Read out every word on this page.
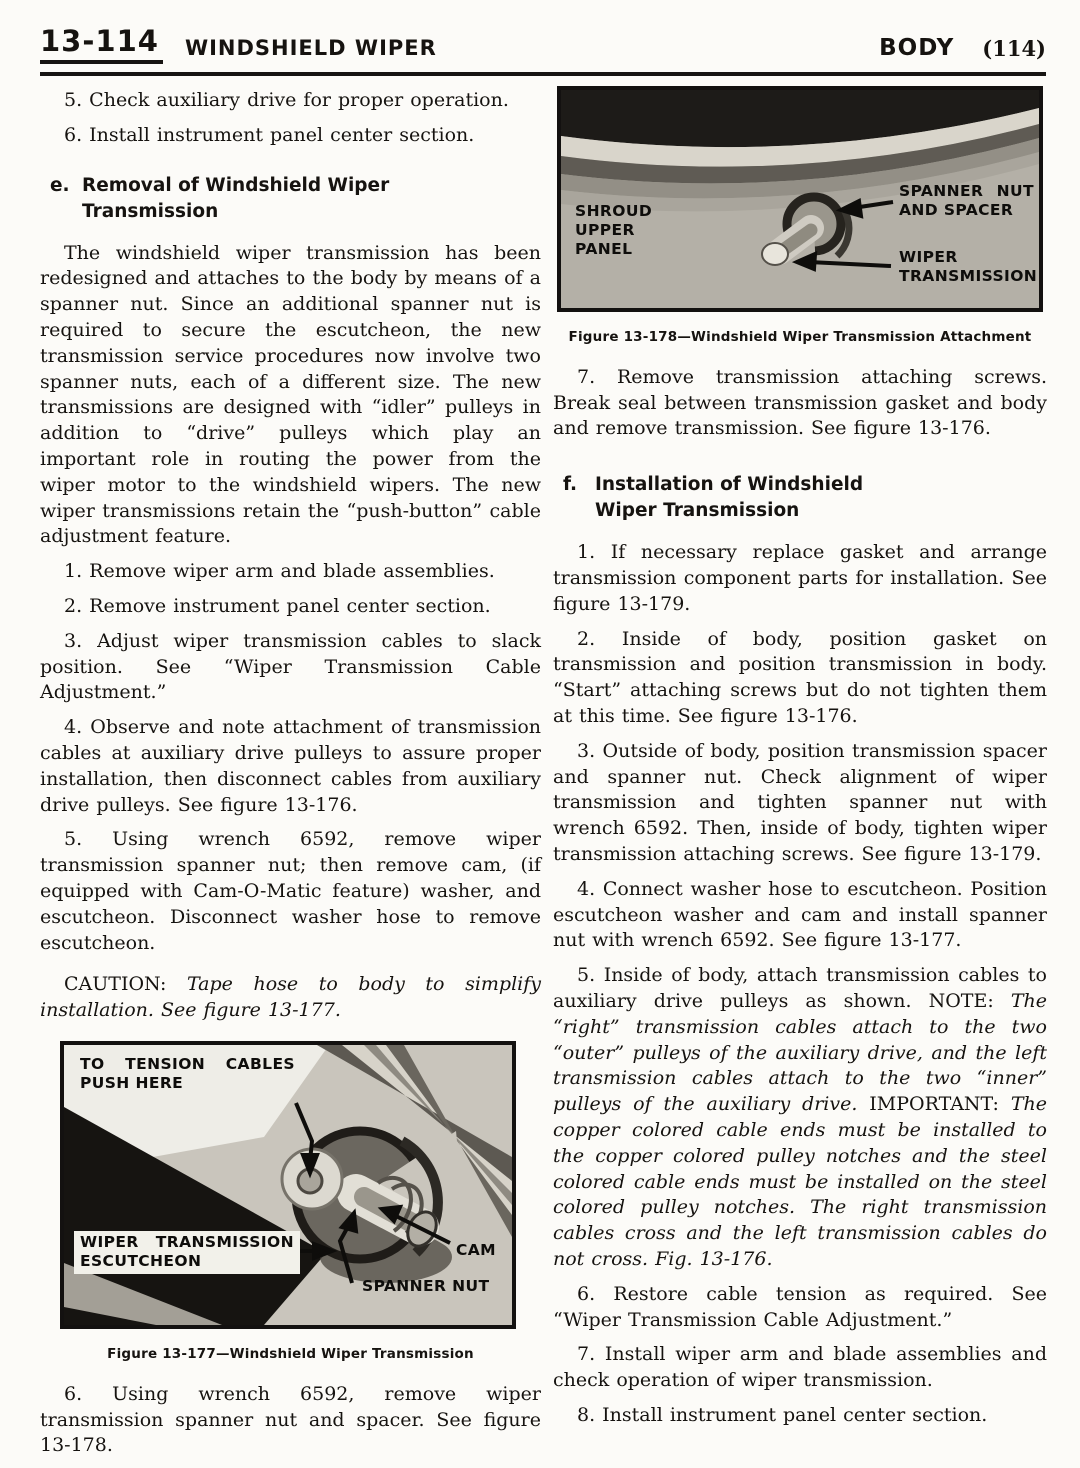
13-114 WINDSHIELD WIPER	BODY (114)

5. Check auxiliary drive for proper operation.

6. Install instrument panel center section.

e. Removal of Windshield Wiper Transmission

The windshield wiper transmission has been redesigned and attaches to the body by means of a spanner nut. Since an additional spanner nut is required to secure the escutcheon, the new transmission service procedures now involve two spanner nuts, each of a different size. The new transmissions are designed with “idler” pulleys in addition to “drive” pulleys which play an important role in routing the power from the wiper motor to the windshield wipers. The new wiper transmissions retain the “push-button” cable adjustment feature.

1. Remove wiper arm and blade assemblies.

2. Remove instrument panel center section.

3. Adjust wiper transmission cables to slack position. See “Wiper Transmission Cable Adjustment.”

4. Observe and note attachment of transmission cables at auxiliary drive pulleys to assure proper installation, then disconnect cables from auxiliary drive pulleys. See figure 13-176.

5. Using wrench 6592, remove wiper transmission spanner nut; then remove cam, (if equipped with Cam-O-Matic feature) washer, and escutcheon. Disconnect washer hose to remove escutcheon.

CAUTION: Tape hose to body to simplify installation. See figure 13-177.

TO TENSION CABLES PUSH HERE
WIPER TRANSMISSION ESCUTCHEON
CAM
SPANNER NUT

Figure 13-177—Windshield Wiper Transmission

6. Using wrench 6592, remove wiper transmission spanner nut and spacer. See figure 13-178.

SHROUD UPPER PANEL
SPANNER NUT AND SPACER
WIPER TRANSMISSION

Figure 13-178—Windshield Wiper Transmission Attachment

7. Remove transmission attaching screws. Break seal between transmission gasket and body and remove transmission. See figure 13-176.

f. Installation of Windshield Wiper Transmission

1. If necessary replace gasket and arrange transmission component parts for installation. See figure 13-179.

2. Inside of body, position gasket on transmission and position transmission in body. “Start” attaching screws but do not tighten them at this time. See figure 13-176.

3. Outside of body, position transmission spacer and spanner nut. Check alignment of wiper transmission and tighten spanner nut with wrench 6592. Then, inside of body, tighten wiper transmission attaching screws. See figure 13-179.

4. Connect washer hose to escutcheon. Position escutcheon washer and cam and install spanner nut with wrench 6592. See figure 13-177.

5. Inside of body, attach transmission cables to auxiliary drive pulleys as shown. NOTE: The “right” transmission cables attach to the two “outer” pulleys of the auxiliary drive, and the left transmission cables attach to the two “inner” pulleys of the auxiliary drive. IMPORTANT: The copper colored cable ends must be installed to the copper colored pulley notches and the steel colored cable ends must be installed on the steel colored pulley notches. The right transmission cables cross and the left transmission cables do not cross. Fig. 13-176.

6. Restore cable tension as required. See “Wiper Transmission Cable Adjustment.”

7. Install wiper arm and blade assemblies and check operation of wiper transmission.

8. Install instrument panel center section.
